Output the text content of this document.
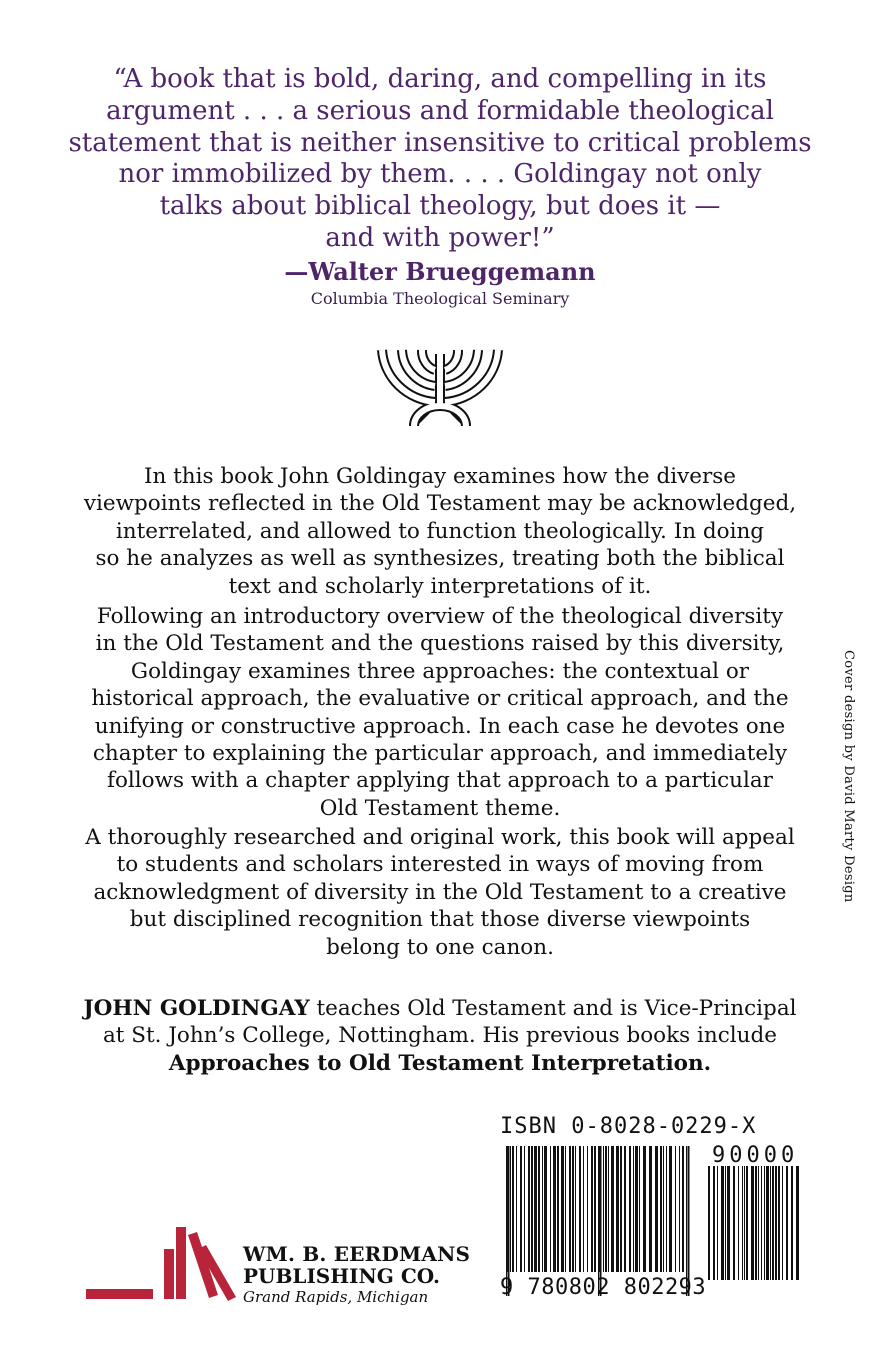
“A book that is bold, daring, and compelling in its
argument . . . a serious and formidable theological
statement that is neither insensitive to critical problems
nor immobilized by them. . . . Goldingay not only
talks about biblical theology, but does it —
and with power!”
—Walter Brueggemann
Columbia Theological Seminary
In this book John Goldingay examines how the diverse
viewpoints reflected in the Old Testament may be acknowledged,
interrelated, and allowed to function theologically. In doing
so he analyzes as well as synthesizes, treating both the biblical
text and scholarly interpretations of it.
Following an introductory overview of the theological diversity
in the Old Testament and the questions raised by this diversity,
Goldingay examines three approaches: the contextual or
historical approach, the evaluative or critical approach, and the
unifying or constructive approach. In each case he devotes one
chapter to explaining the particular approach, and immediately
follows with a chapter applying that approach to a particular
Old Testament theme.
A thoroughly researched and original work, this book will appeal
to students and scholars interested in ways of moving from
acknowledgment of diversity in the Old Testament to a creative
but disciplined recognition that those diverse viewpoints
belong to one canon.
JOHN GOLDINGAY teaches Old Testament and is Vice-Principal
at St. John’s College, Nottingham. His previous books include
Approaches to Old Testament Interpretation.
Cover design by David Marty Design
ISBN 0-8028-0229-X
90000
9 780802 802293
WM. B. EERDMANS
PUBLISHING CO.
Grand Rapids, Michigan
